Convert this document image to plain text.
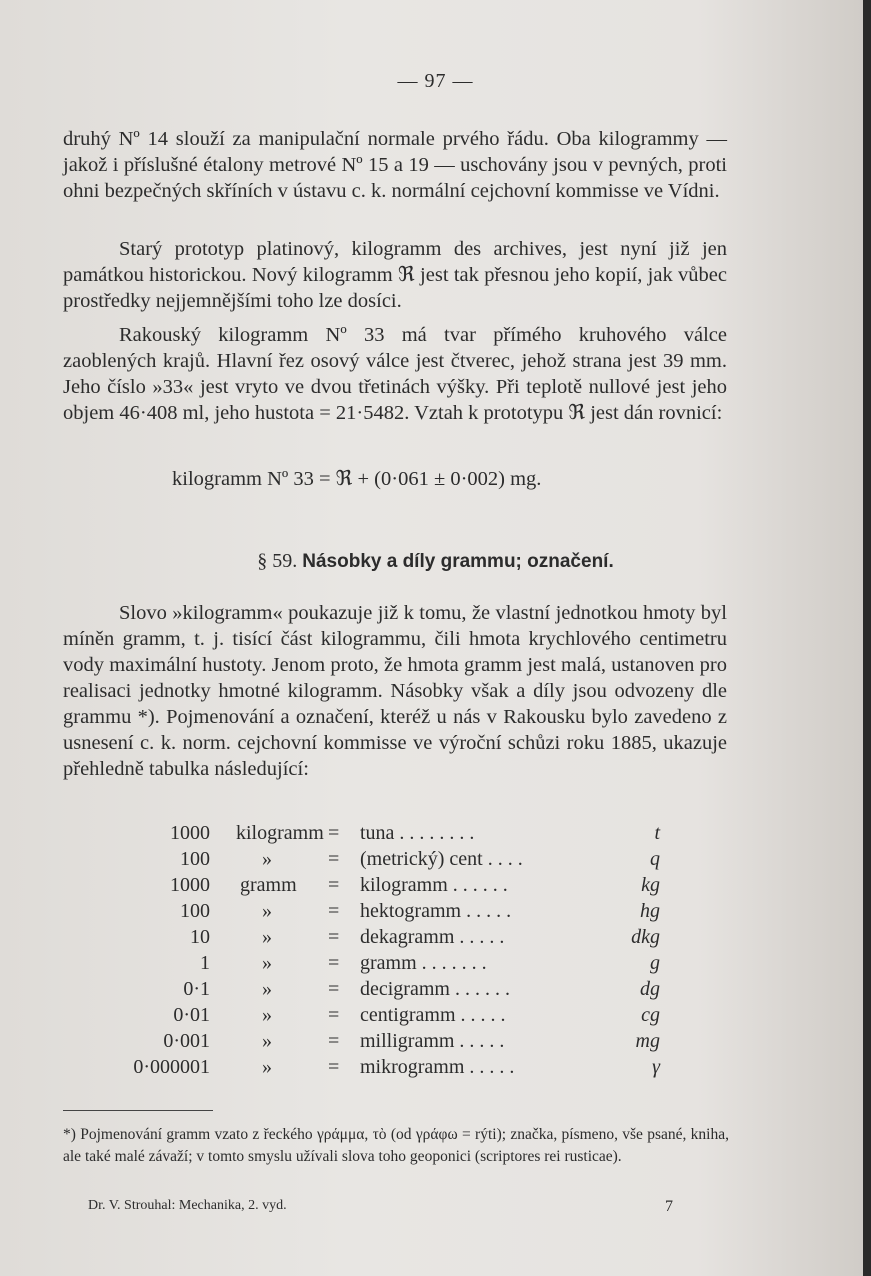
— 97 —

druhý Nº 14 slouží za manipulační normale prvého řádu. Oba kilogrammy — jakož i příslušné étalony metrové Nº 15 a 19 — uschovány jsou v pevných, proti ohni bezpečných skříních v ústavu c. k. normální cejchovní kommisse ve Vídni.

Starý prototyp platinový, kilogramm des archives, jest nyní již jen památkou historickou. Nový kilogramm ℜ jest tak přesnou jeho kopií, jak vůbec prostředky nejjemnějšími toho lze dosíci.

Rakouský kilogramm Nº 33 má tvar přímého kruhového válce zaoblených krajů. Hlavní řez osový válce jest čtverec, jehož strana jest 39 mm. Jeho číslo »33« jest vryto ve dvou třetinách výšky. Při teplotě nullové jest jeho objem 46·408 ml, jeho hustota = 21·5482. Vztah k prototypu ℜ jest dán rovnicí:

kilogramm Nº 33 = ℜ + (0·061 ± 0·002) mg.
§ 59. Násobky a díly grammu; označení.

Slovo »kilogramm« poukazuje již k tomu, že vlastní jednotkou hmoty byl míněn gramm, t. j. tisící část kilogrammu, čili hmota krychlového centimetru vody maximální hustoty. Jenom proto, že hmota gramm jest malá, ustanoven pro realisaci jednotky hmotné kilogramm. Násobky však a díly jsou odvozeny dle grammu *). Pojmenování a označení, kteréž u nás v Rakousku bylo zavedeno z usnesení c. k. norm. cejchovní kommisse ve výroční schůzi roku 1885, ukazuje přehledně tabulka následující:

1000 kilogramm = tuna . . . . . . . .	t
100	»	= (metrický) cent . . . .	q
1000 gramm = kilogramm . . . . . .	kg
100	»	= hektogramm . . . . .	hg
10	»	= dekagramm . . . . .	dkg
1	»	= gramm . . . . . . .	g
0·1	»	= decigramm . . . . . .	dg
0·01	»	= centigramm . . . . .	cg
0·001	»	= milligramm . . . . .	mg
0·000001	»	= mikrogramm . . . . .	γ
*) Pojmenování gramm vzato z řeckého γράμμα, τὸ (od γράφω = rýti); značka, písmeno, vše psané, kniha, ale také malé závaží; v tomto smyslu užívali slova toho geoponici (scriptores rei rusticae).
Dr. V. Strouhal: Mechanika, 2. vyd.	7
